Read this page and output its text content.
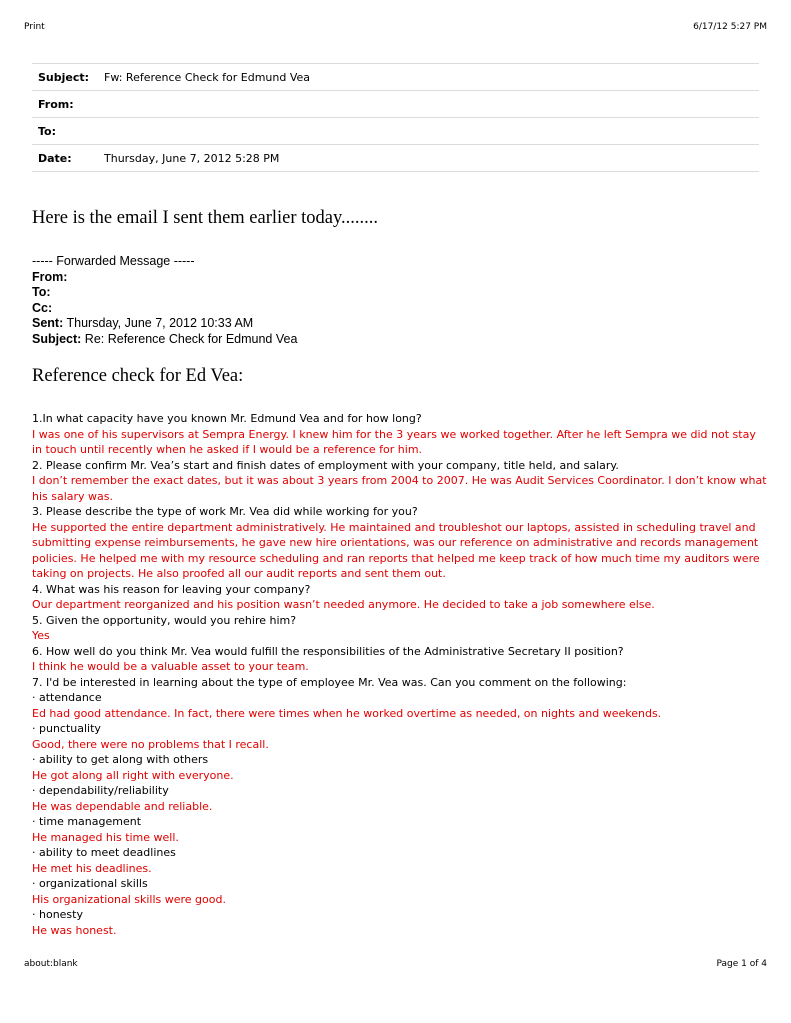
Print	6/17/12 5:27 PM
Subject:	Fw: Reference Check for Edmund Vea
From:
To:
Date:	Thursday, June 7, 2012 5:28 PM
Here is the email I sent them earlier today........
----- Forwarded Message -----
From:
To:
Cc:
Sent: Thursday, June 7, 2012 10:33 AM
Subject: Re: Reference Check for Edmund Vea
Reference check for Ed Vea:
1.In what capacity have you known Mr. Edmund Vea and for how long?
I was one of his supervisors at Sempra Energy. I knew him for the 3 years we worked together. After he left Sempra we did not stay
in touch until recently when he asked if I would be a reference for him.
2. Please confirm Mr. Vea’s start and finish dates of employment with your company, title held, and salary.
I don’t remember the exact dates, but it was about 3 years from 2004 to 2007. He was Audit Services Coordinator. I don’t know what
his salary was.
3. Please describe the type of work Mr. Vea did while working for you?
He supported the entire department administratively. He maintained and troubleshot our laptops, assisted in scheduling travel and
submitting expense reimbursements, he gave new hire orientations, was our reference on administrative and records management
policies. He helped me with my resource scheduling and ran reports that helped me keep track of how much time my auditors were
taking on projects. He also proofed all our audit reports and sent them out.
4. What was his reason for leaving your company?
Our department reorganized and his position wasn’t needed anymore. He decided to take a job somewhere else.
5. Given the opportunity, would you rehire him?
Yes
6. How well do you think Mr. Vea would fulfill the responsibilities of the Administrative Secretary II position?
I think he would be a valuable asset to your team.
7. I'd be interested in learning about the type of employee Mr. Vea was. Can you comment on the following:
· attendance
Ed had good attendance. In fact, there were times when he worked overtime as needed, on nights and weekends.
· punctuality
Good, there were no problems that I recall.
· ability to get along with others
He got along all right with everyone.
· dependability/reliability
He was dependable and reliable.
· time management
He managed his time well.
· ability to meet deadlines
He met his deadlines.
· organizational skills
His organizational skills were good.
· honesty
He was honest.
about:blank	Page 1 of 4
